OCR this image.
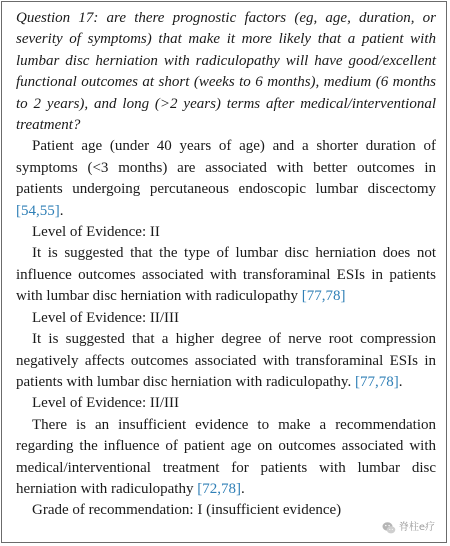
Question 17: are there prognostic factors (eg, age, duration, or severity of symptoms) that make it more likely that a patient with lumbar disc herniation with radiculopathy will have good/excellent functional outcomes at short (weeks to 6 months), medium (6 months to 2 years), and long (>2 years) terms after medical/interventional treatment?

Patient age (under 40 years of age) and a shorter duration of symptoms (<3 months) are associated with better outcomes in patients undergoing percutaneous endoscopic lumbar discectomy [54,55].

Level of Evidence: II

It is suggested that the type of lumbar disc herniation does not influence outcomes associated with transforaminal ESIs in patients with lumbar disc herniation with radiculopathy [77,78]

Level of Evidence: II/III

It is suggested that a higher degree of nerve root compression negatively affects outcomes associated with transforaminal ESIs in patients with lumbar disc herniation with radiculopathy. [77,78].

Level of Evidence: II/III

There is an insufficient evidence to make a recommendation regarding the influence of patient age on outcomes associated with medical/interventional treatment for patients with lumbar disc herniation with radiculopathy [72,78].

Grade of recommendation: I (insufficient evidence)

脊柱e疗
